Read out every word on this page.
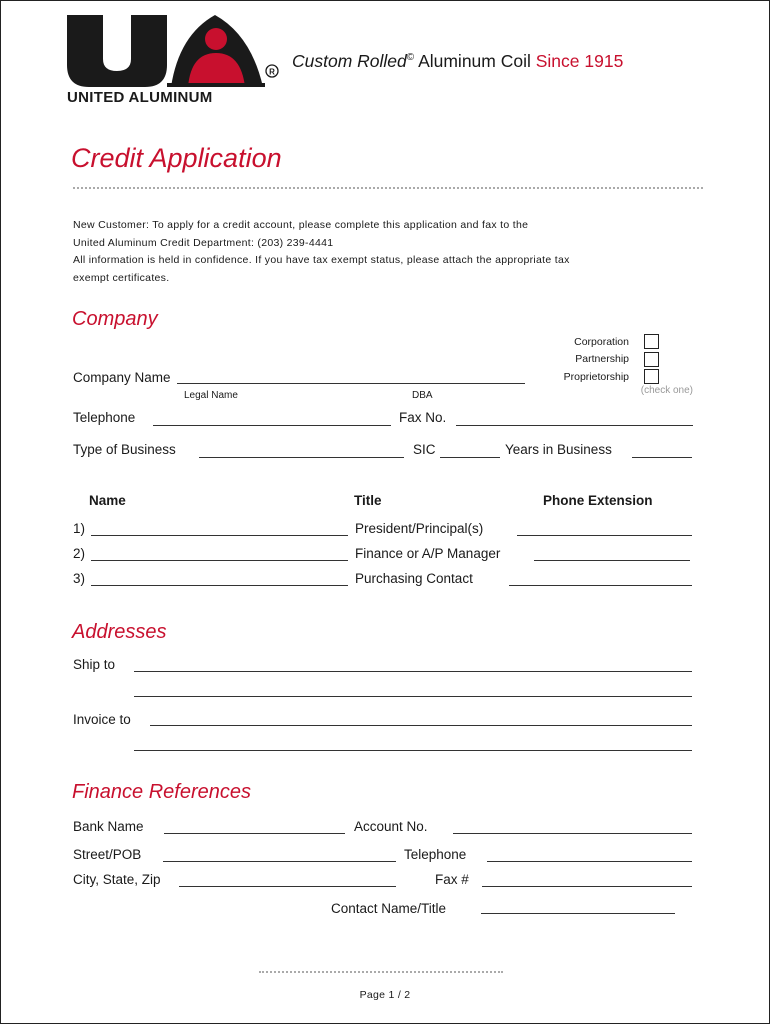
R
UNITED ALUMINUM
Custom Rolled© Aluminum Coil Since 1915
Credit Application
New Customer: To apply for a credit account, please complete this application and fax to the
United Aluminum Credit Department: (203) 239-4441
All information is held in confidence. If you have tax exempt status, please attach the appropriate tax
exempt certificates.
Company
Corporation
Partnership
Proprietorship
(check one)
Company Name
Legal Name	DBA
Telephone	Fax No.
Type of Business	SIC	Years in Business
Name	Title	Phone Extension
1)	President/Principal(s)
2)	Finance or A/P Manager
3)	Purchasing Contact
Addresses
Ship to
Invoice to
Finance References
Bank Name	Account No.
Street/POB	Telephone
City, State, Zip	Fax #
Contact Name/Title
Page 1 / 2
